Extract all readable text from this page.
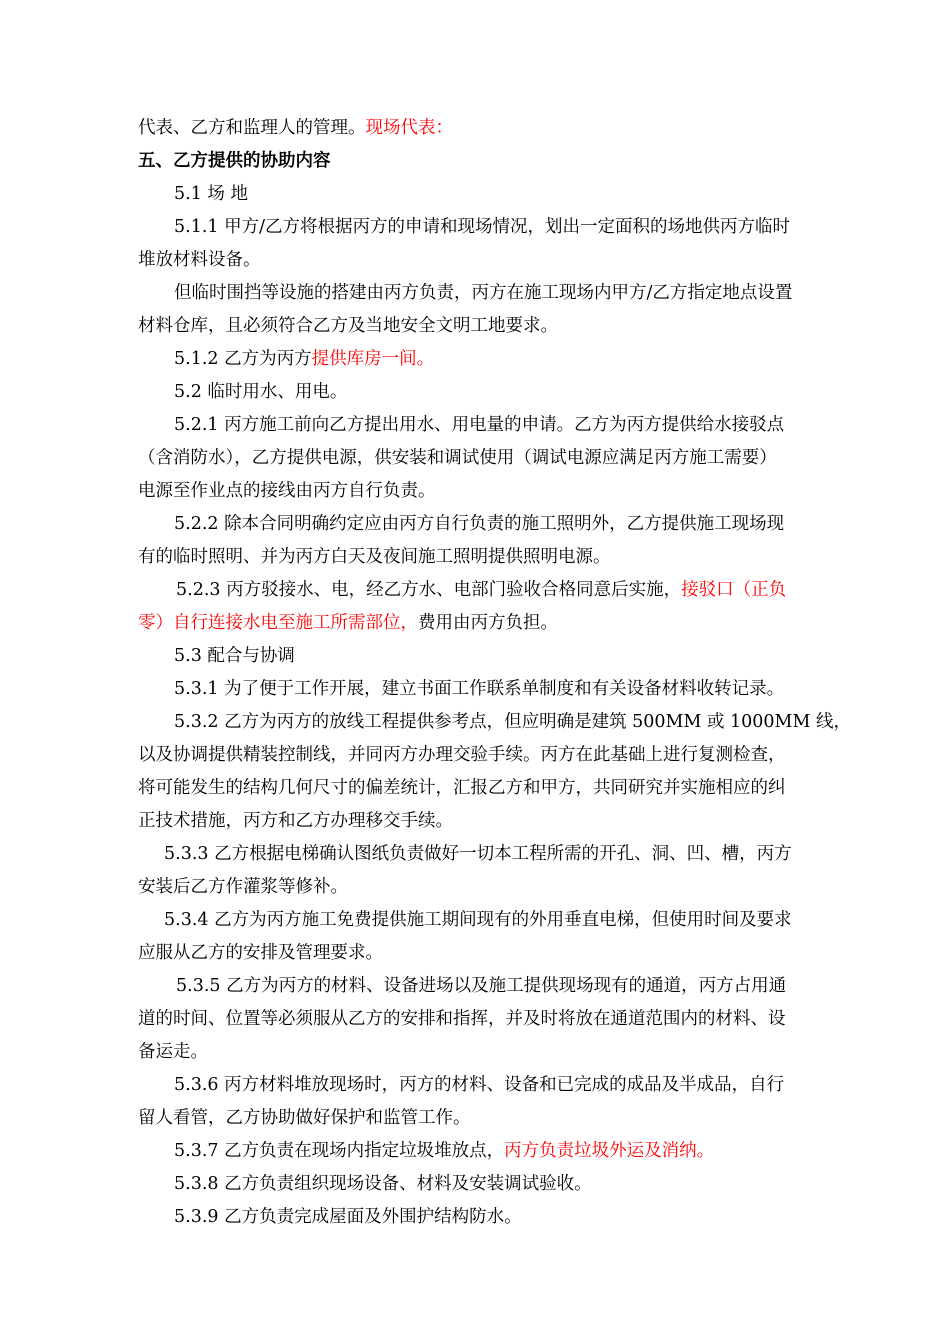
代表、乙方和监理人的管理。现场代表：
五、乙方提供的协助内容
5.1 场 地
5.1.1 甲方/乙方将根据丙方的申请和现场情况，划出一定面积的场地供丙方临时
堆放材料设备。
但临时围挡等设施的搭建由丙方负责，丙方在施工现场内甲方/乙方指定地点设置
材料仓库，且必须符合乙方及当地安全文明工地要求。
5.1.2 乙方为丙方提供库房一间。
5.2 临时用水、用电。
5.2.1 丙方施工前向乙方提出用水、用电量的申请。乙方为丙方提供给水接驳点
（含消防水），乙方提供电源，供安装和调试使用（调试电源应满足丙方施工需要）
电源至作业点的接线由丙方自行负责。
5.2.2 除本合同明确约定应由丙方自行负责的施工照明外，乙方提供施工现场现
有的临时照明、并为丙方白天及夜间施工照明提供照明电源。
5.2.3 丙方驳接水、电，经乙方水、电部门验收合格同意后实施，接驳口（正负
零）自行连接水电至施工所需部位，费用由丙方负担。
5.3 配合与协调
5.3.1 为了便于工作开展，建立书面工作联系单制度和有关设备材料收转记录。
5.3.2 乙方为丙方的放线工程提供参考点，但应明确是建筑 500MM 或 1000MM 线，
以及协调提供精装控制线，并同丙方办理交验手续。丙方在此基础上进行复测检查，
将可能发生的结构几何尺寸的偏差统计，汇报乙方和甲方，共同研究并实施相应的纠
正技术措施，丙方和乙方办理移交手续。
5.3.3 乙方根据电梯确认图纸负责做好一切本工程所需的开孔、洞、凹、槽，丙方
安装后乙方作灌浆等修补。
5.3.4 乙方为丙方施工免费提供施工期间现有的外用垂直电梯，但使用时间及要求
应服从乙方的安排及管理要求。
5.3.5 乙方为丙方的材料、设备进场以及施工提供现场现有的通道，丙方占用通
道的时间、位置等必须服从乙方的安排和指挥，并及时将放在通道范围内的材料、设
备运走。
5.3.6 丙方材料堆放现场时，丙方的材料、设备和已完成的成品及半成品，自行
留人看管，乙方协助做好保护和监管工作。
5.3.7 乙方负责在现场内指定垃圾堆放点，丙方负责垃圾外运及消纳。
5.3.8 乙方负责组织现场设备、材料及安装调试验收。
5.3.9 乙方负责完成屋面及外围护结构防水。
